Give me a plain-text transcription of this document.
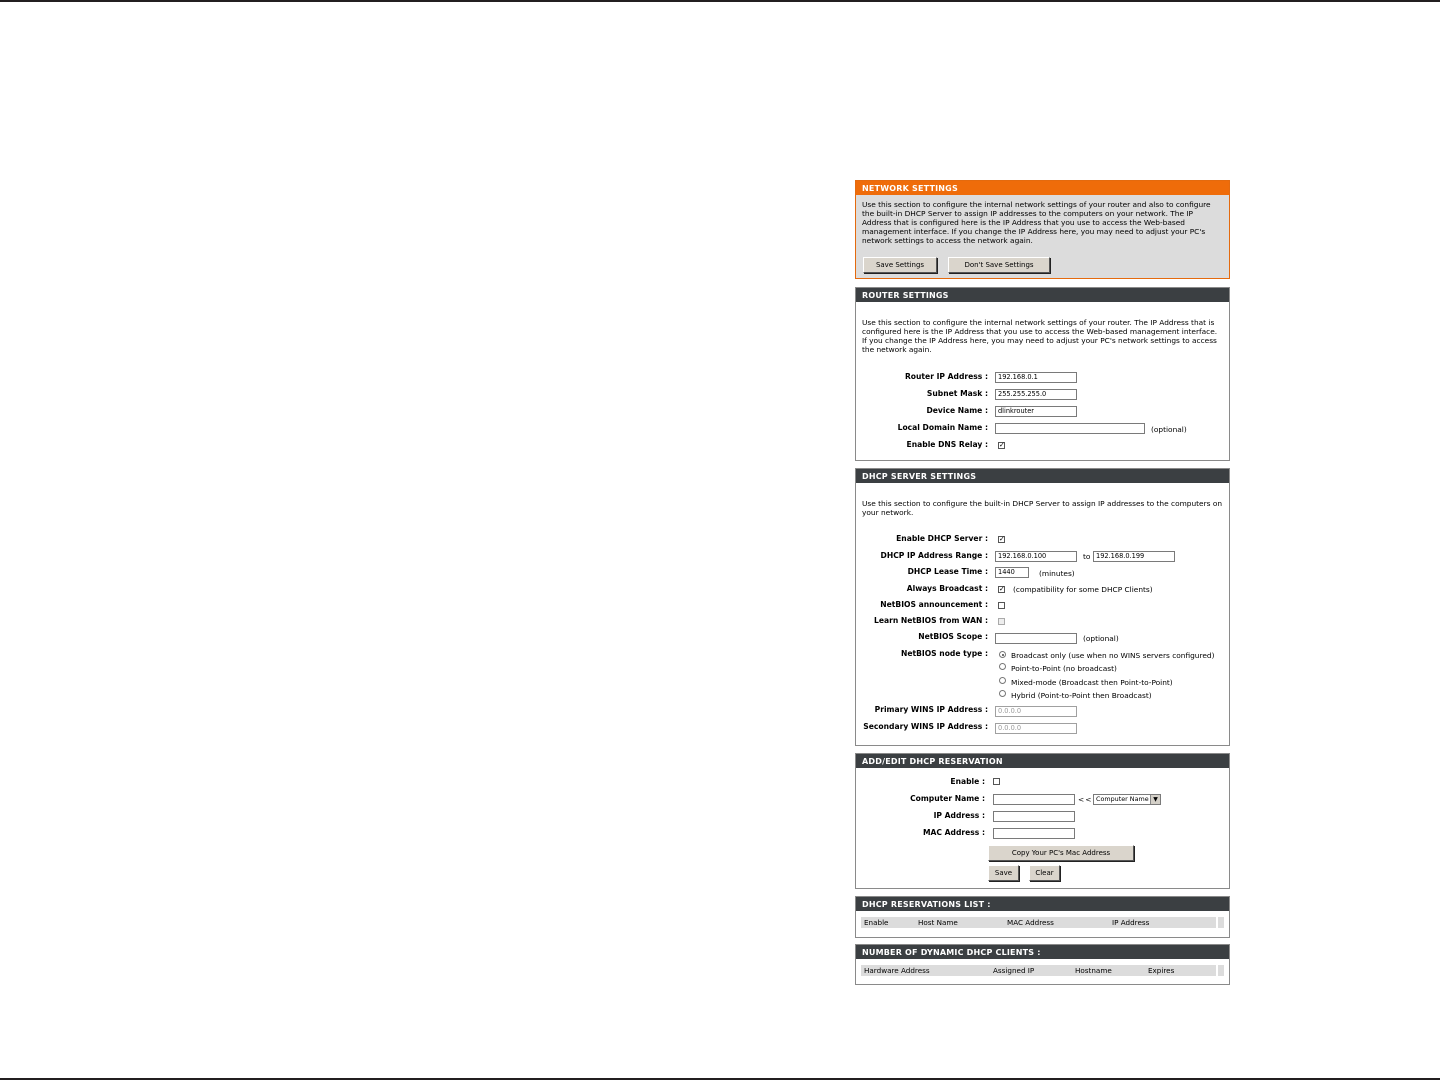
NETWORK SETTINGS
Use this section to configure the internal network settings of your router and also to configure the built-in DHCP Server to assign IP addresses to the computers on your network. The IP Address that is configured here is the IP Address that you use to access the Web-based management interface. If you change the IP Address here, you may need to adjust your PC's network settings to access the network again.
Save Settings	Don't Save Settings
ROUTER SETTINGS
Use this section to configure the internal network settings of your router. The IP Address that is configured here is the IP Address that you use to access the Web-based management interface. If you change the IP Address here, you may need to adjust your PC's network settings to access the network again.
Router IP Address :	192.168.0.1
Subnet Mask :	255.255.255.0
Device Name :	dlinkrouter
Local Domain Name :	(optional)
Enable DNS Relay : ✓
DHCP SERVER SETTINGS
Use this section to configure the built-in DHCP Server to assign IP addresses to the computers on your network.
Enable DHCP Server : ✓
DHCP IP Address Range :	192.168.0.100	to 192.168.0.199
DHCP Lease Time :	1440	(minutes)
Always Broadcast : ✓ (compatibility for some DHCP Clients)
NetBIOS announcement :
Learn NetBIOS from WAN :
NetBIOS Scope :	(optional)
NetBIOS node type :	Broadcast only (use when no WINS servers configured)
Point-to-Point (no broadcast)
Mixed-mode (Broadcast then Point-to-Point)
Hybrid (Point-to-Point then Broadcast)
Primary WINS IP Address :	0.0.0.0
Secondary WINS IP Address :	0.0.0.0
ADD/EDIT DHCP RESERVATION
Enable :
Computer Name :	<< Computer Name ▼
IP Address :
MAC Address :
Copy Your PC's Mac Address
Save	Clear
DHCP RESERVATIONS LIST :
Enable	Host Name	MAC Address	IP Address
NUMBER OF DYNAMIC DHCP CLIENTS :
Hardware Address	Assigned IP	Hostname	Expires
